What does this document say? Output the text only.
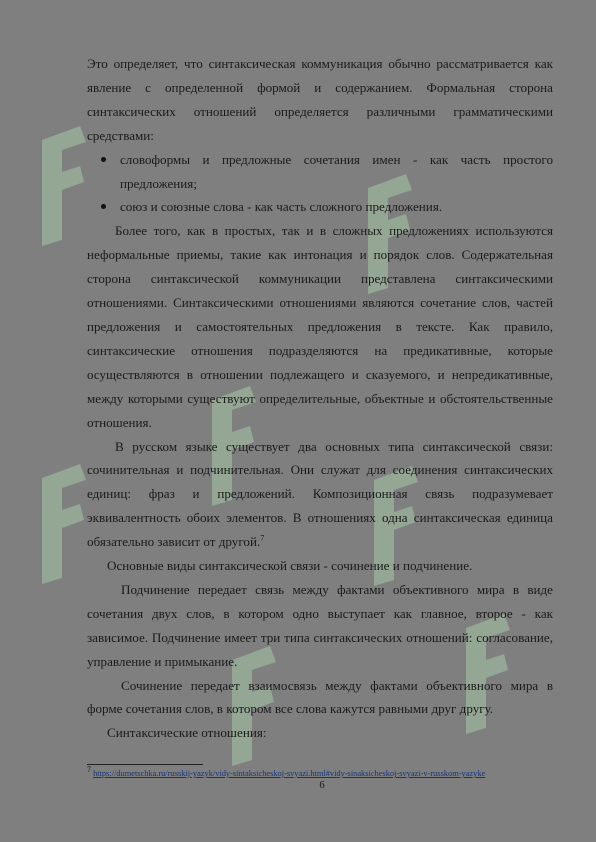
Это определяет, что синтаксическая коммуникация обычно рассматривается как явление с определенной формой и содержанием. Формальная сторона синтаксических отношений определяется различными грамматическими средствами:

словоформы и предложные сочетания имен - как часть простого предложения;
союз и союзные слова - как часть сложного предложения.

Более того, как в простых, так и в сложных предложениях используются неформальные приемы, такие как интонация и порядок слов. Содержательная сторона синтаксической коммуникации представлена синтаксическими отношениями. Синтаксическими отношениями являются сочетание слов, частей предложения и самостоятельных предложения в тексте. Как правило, синтаксические отношения подразделяются на предикативные, которые осуществляются в отношении подлежащего и сказуемого, и непредикативные, между которыми существуют определительные, объектные и обстоятельственные отношения.

В русском языке существует два основных типа синтаксической связи: сочинительная и подчинительная. Они служат для соединения синтаксических единиц: фраз и предложений. Композиционная связь подразумевает эквивалентность обоих элементов. В отношениях одна синтаксическая единица обязательно зависит от другой.$^7$

Основные виды синтаксической связи - сочинение и подчинение.

Подчинение передает связь между фактами объективного мира в виде сочетания двух слов, в котором одно выступает как главное, второе - как зависимое. Подчинение имеет три типа синтаксических отношений: согласование, управление и примыкание.

Сочинение передает взаимосвязь между фактами объективного мира в форме сочетания слов, в котором все слова кажутся равными друг другу.

Синтаксические отношения:

$^7$ https://dumetschka.ru/russkij-yazyk/vidy-sintaksicheskoj-svyazi.html#vidy-sinaksicheskoj-svyazi-v-russkom-yazyke
6
